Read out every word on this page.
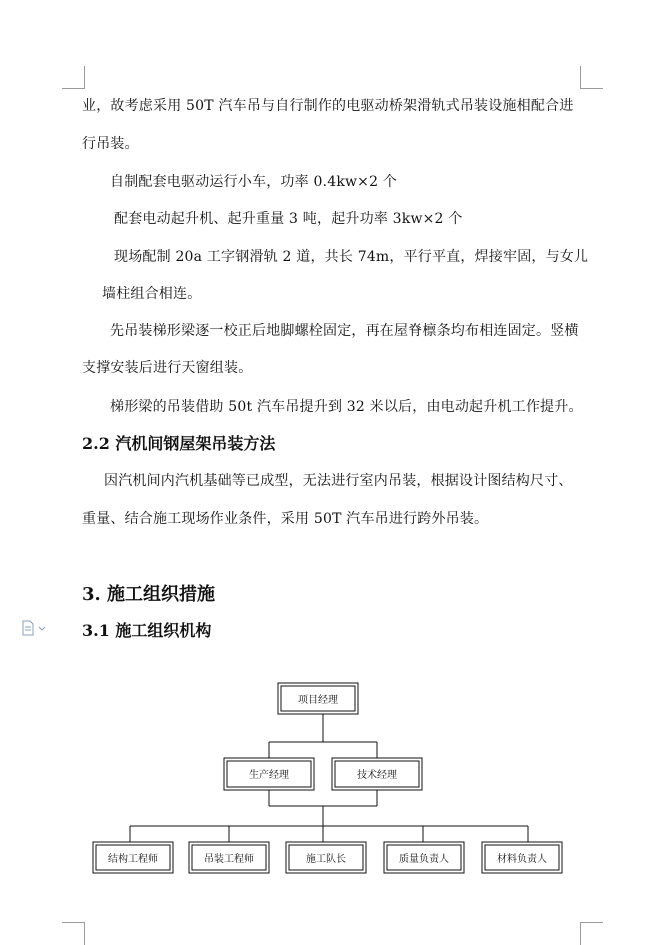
业，故考虑采用 50T 汽车吊与自行制作的电驱动桥架滑轨式吊装设施相配合进
行吊装。
自制配套电驱动运行小车，功率 0.4kw×2 个
配套电动起升机、起升重量 3 吨，起升功率 3kw×2 个
现场配制 20a 工字钢滑轨 2 道，共长 74m，平行平直，焊接牢固，与女儿
墙柱组合相连。
先吊装梯形梁逐一校正后地脚螺栓固定，再在屋脊檩条均布相连固定。竖横
支撑安装后进行天窗组装。
梯形梁的吊装借助 50t 汽车吊提升到 32 米以后，由电动起升机工作提升。
2.2 汽机间钢屋架吊装方法
因汽机间内汽机基础等已成型，无法进行室内吊装，根据设计图结构尺寸、
重量、结合施工现场作业条件，采用 50T 汽车吊进行跨外吊装。
3. 施工组织措施
3.1 施工组织机构
项目经理
生产经理	技术经理
结构工程师	吊装工程师	施工队长	质量负责人	材料负责人
